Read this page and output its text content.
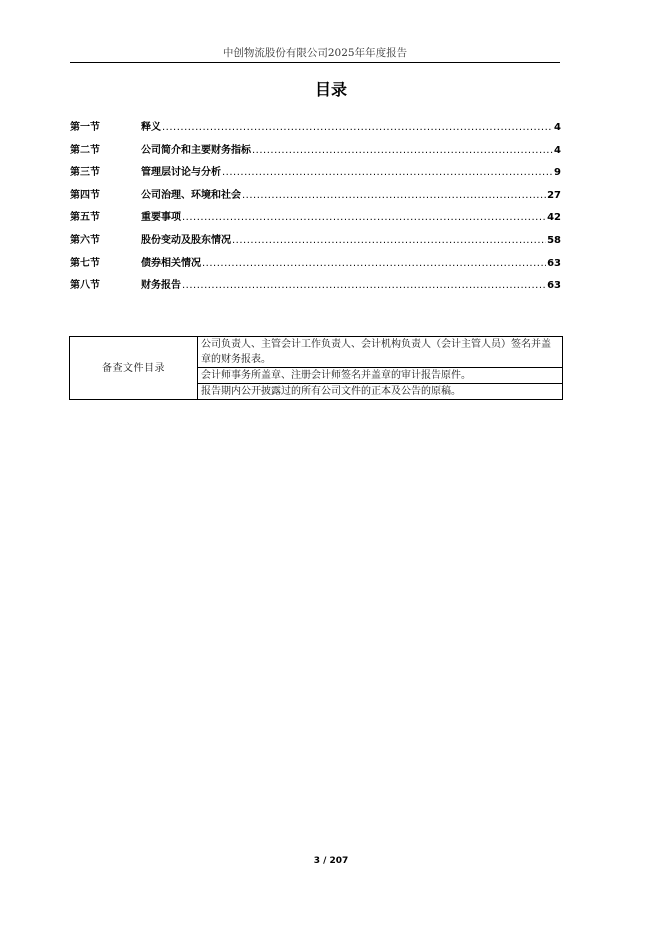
中创物流股份有限公司2025年年度报告
目录
第一节	释义 .....	4
第二节	公司简介和主要财务指标 .....	4
第三节	管理层讨论与分析 .....	9
第四节	公司治理、环境和社会 .....	27
第五节	重要事项 .....	42
第六节	股份变动及股东情况 .....	58
第七节	债券相关情况 .....	63
第八节	财务报告 .....	63
备查文件目录	公司负责人、主管会计工作负责人、会计机构负责人（会计主管人员）签名并盖章的财务报表。
会计师事务所盖章、注册会计师签名并盖章的审计报告原件。
报告期内公开披露过的所有公司文件的正本及公告的原稿。
3 / 207
